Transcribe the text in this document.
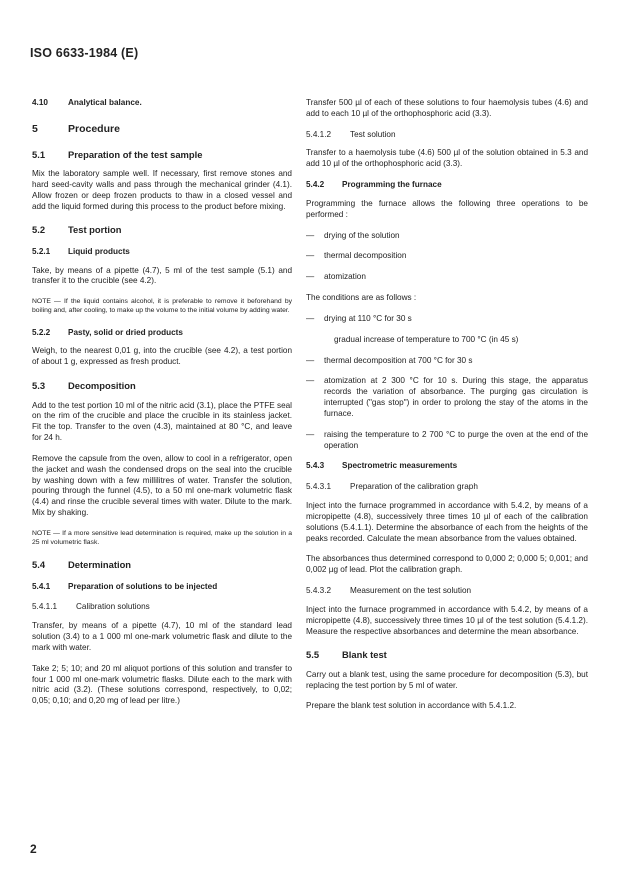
ISO 6633-1984 (E)
4.10 Analytical balance.
5	Procedure
5.1 Preparation of the test sample

Mix the laboratory sample well. If necessary, first remove stones and hard seed-cavity walls and pass through the mechanical grinder (4.1). Allow frozen or deep frozen products to thaw in a closed vessel and add the liquid formed during this process to the product before mixing.

5.2 Test portion
5.2.1 Liquid products

Take, by means of a pipette (4.7), 5 ml of the test sample (5.1) and transfer it to the crucible (see 4.2).

NOTE — If the liquid contains alcohol, it is preferable to remove it beforehand by boiling and, after cooling, to make up the volume to the initial volume by adding water.

5.2.2 Pasty, solid or dried products

Weigh, to the nearest 0,01 g, into the crucible (see 4.2), a test portion of about 1 g, expressed as fresh product.

5.3 Decomposition

Add to the test portion 10 ml of the nitric acid (3.1), place the PTFE seal on the rim of the crucible and place the crucible in its stainless jacket. Fit the top. Transfer to the oven (4.3), maintained at 80 °C, and leave for 24 h.

Remove the capsule from the oven, allow to cool in a refrigerator, open the jacket and wash the condensed drops on the seal into the crucible by washing down with a few millilitres of water. Transfer the solution, pouring through the funnel (4.5), to a 50 ml one-mark volumetric flask (4.4) and rinse the crucible several times with water. Dilute to the mark. Mix by shaking.

NOTE — If a more sensitive lead determination is required, make up the solution in a 25 ml volumetric flask.

5.4 Determination
5.4.1 Preparation of solutions to be injected
5.4.1.1 Calibration solutions

Transfer, by means of a pipette (4.7), 10 ml of the standard lead solution (3.4) to a 1 000 ml one-mark volumetric flask and dilute to the mark with water.

Take 2; 5; 10; and 20 ml aliquot portions of this solution and transfer to four 1 000 ml one-mark volumetric flasks. Dilute each to the mark with nitric acid (3.2). (These solutions correspond, respectively, to 0,02; 0,05; 0,10; and 0,20 mg of lead per litre.)

Transfer 500 µl of each of these solutions to four haemolysis tubes (4.6) and add to each 10 µl of the orthophosphoric acid (3.3).

5.4.1.2 Test solution

Transfer to a haemolysis tube (4.6) 500 µl of the solution obtained in 5.3 and add 10 µl of the orthophosphoric acid (3.3).

5.4.2 Programming the furnace

Programming the furnace allows the following three operations to be performed :

— drying of the solution
— thermal decomposition
— atomization

The conditions are as follows :

— drying at 110 °C for 30 s

gradual increase of temperature to 700 °C (in 45 s)

— thermal decomposition at 700 °C for 30 s
— atomization at 2 300 °C for 10 s. During this stage, the apparatus records the variation of absorbance. The purging gas circulation is interrupted ("gas stop") in order to prolong the stay of the atoms in the furnace.
— raising the temperature to 2 700 °C to purge the oven at the end of the operation
5.4.3 Spectrometric measurements
5.4.3.1 Preparation of the calibration graph

Inject into the furnace programmed in accordance with 5.4.2, by means of a micropipette (4.8), successively three times 10 µl of each of the calibration solutions (5.4.1.1). Determine the absorbance of each from the heights of the peaks recorded. Calculate the mean absorbance from the values obtained.

The absorbances thus determined correspond to 0,000 2; 0,000 5; 0,001; and 0,002 µg of lead. Plot the calibration graph.

5.4.3.2 Measurement on the test solution

Inject into the furnace programmed in accordance with 5.4.2, by means of a micropipette (4.8), successively three times 10 µl of the test solution (5.4.1.2). Measure the respective absorbances and determine the mean absorbance.

5.5 Blank test

Carry out a blank test, using the same procedure for decomposition (5.3), but replacing the test portion by 5 ml of water.

Prepare the blank test solution in accordance with 5.4.1.2.

2
